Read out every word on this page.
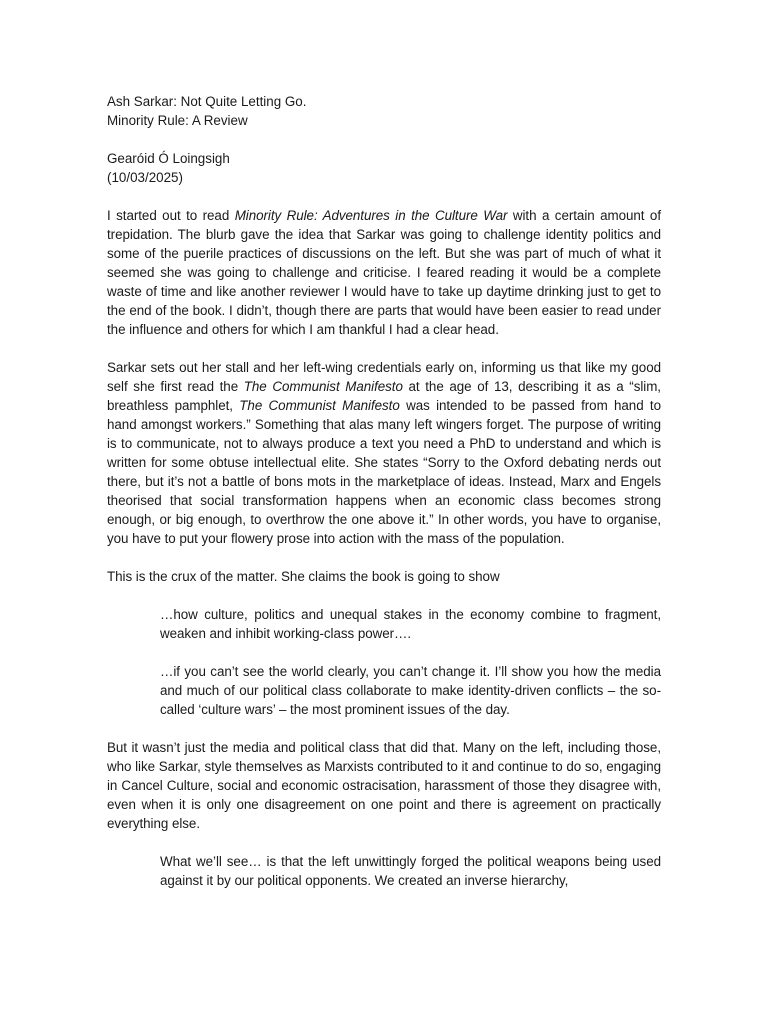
Ash Sarkar: Not Quite Letting Go.

Minority Rule: A Review

Gearóid Ó Loingsigh

(10/03/2025)

I started out to read Minority Rule: Adventures in the Culture War with a certain amount of trepidation. The blurb gave the idea that Sarkar was going to challenge identity politics and some of the puerile practices of discussions on the left. But she was part of much of what it seemed she was going to challenge and criticise. I feared reading it would be a complete waste of time and like another reviewer I would have to take up daytime drinking just to get to the end of the book. I didn’t, though there are parts that would have been easier to read under the influence and others for which I am thankful I had a clear head.

Sarkar sets out her stall and her left-wing credentials early on, informing us that like my good self she first read the The Communist Manifesto at the age of 13, describing it as a “slim, breathless pamphlet, The Communist Manifesto was intended to be passed from hand to hand amongst workers.” Something that alas many left wingers forget. The purpose of writing is to communicate, not to always produce a text you need a PhD to understand and which is written for some obtuse intellectual elite. She states “Sorry to the Oxford debating nerds out there, but it’s not a battle of bons mots in the marketplace of ideas. Instead, Marx and Engels theorised that social transformation happens when an economic class becomes strong enough, or big enough, to overthrow the one above it.” In other words, you have to organise, you have to put your flowery prose into action with the mass of the population.

This is the crux of the matter. She claims the book is going to show

…how culture, politics and unequal stakes in the economy combine to fragment, weaken and inhibit working-class power….

…if you can’t see the world clearly, you can’t change it. I’ll show you how the media and much of our political class collaborate to make identity-driven conflicts – the so-called ‘culture wars’ – the most prominent issues of the day.

But it wasn’t just the media and political class that did that. Many on the left, including those, who like Sarkar, style themselves as Marxists contributed to it and continue to do so, engaging in Cancel Culture, social and economic ostracisation, harassment of those they disagree with, even when it is only one disagreement on one point and there is agreement on practically everything else.

What we’ll see… is that the left unwittingly forged the political weapons being used against it by our political opponents. We created an inverse hierarchy,
